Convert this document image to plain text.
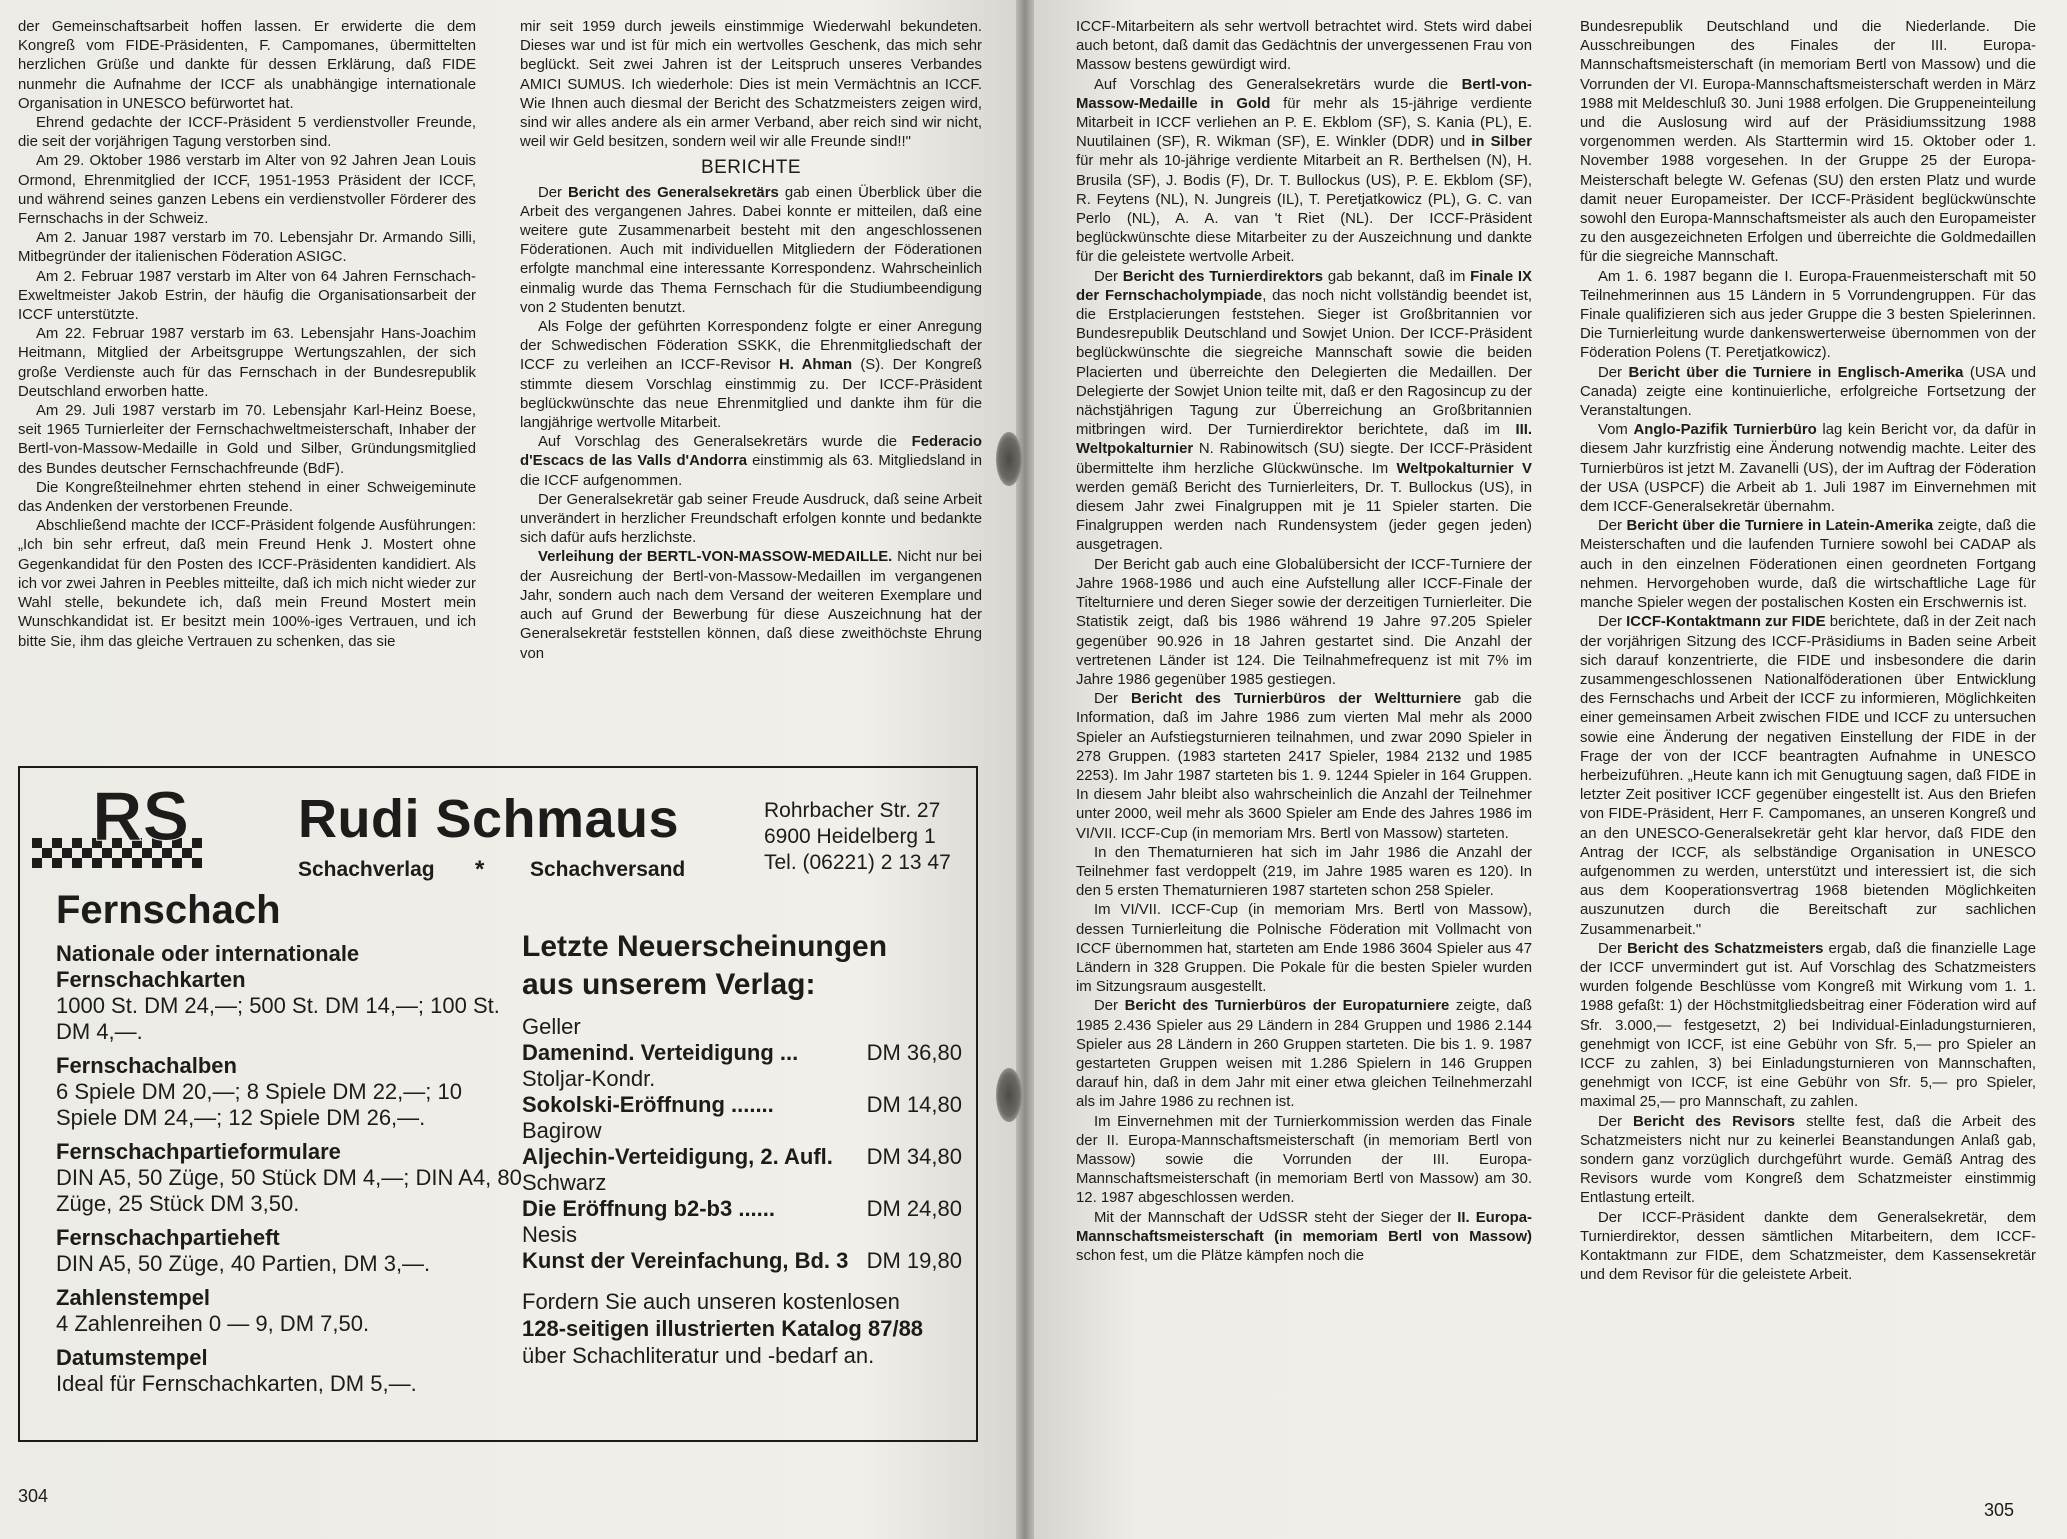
der Gemeinschaftsarbeit hoffen lassen. Er erwiderte die dem Kongreß vom FIDE-Präsidenten, F. Campomanes, übermittelten herzlichen Grüße und dankte für dessen Erklärung, daß FIDE nunmehr die Aufnahme der ICCF als unabhängige internationale Organisation in UNESCO befürwortet hat.

Ehrend gedachte der ICCF-Präsident 5 verdienstvoller Freunde, die seit der vorjährigen Tagung verstorben sind.

Am 29. Oktober 1986 verstarb im Alter von 92 Jahren Jean Louis Ormond, Ehrenmitglied der ICCF, 1951-1953 Präsident der ICCF, und während seines ganzen Lebens ein verdienstvoller Förderer des Fernschachs in der Schweiz.

Am 2. Januar 1987 verstarb im 70. Lebensjahr Dr. Armando Silli, Mitbegründer der italienischen Föderation ASIGC.

Am 2. Februar 1987 verstarb im Alter von 64 Jahren Fernschach-Exweltmeister Jakob Estrin, der häufig die Organisationsarbeit der ICCF unterstützte.

Am 22. Februar 1987 verstarb im 63. Lebensjahr Hans-Joachim Heitmann, Mitglied der Arbeitsgruppe Wertungszahlen, der sich große Verdienste auch für das Fernschach in der Bundesrepublik Deutschland erworben hatte.

Am 29. Juli 1987 verstarb im 70. Lebensjahr Karl-Heinz Boese, seit 1965 Turnierleiter der Fernschachweltmeisterschaft, Inhaber der Bertl-von-Massow-Medaille in Gold und Silber, Gründungsmitglied des Bundes deutscher Fernschachfreunde (BdF).

Die Kongreßteilnehmer ehrten stehend in einer Schweigeminute das Andenken der verstorbenen Freunde.

Abschließend machte der ICCF-Präsident folgende Ausführungen: „Ich bin sehr erfreut, daß mein Freund Henk J. Mostert ohne Gegenkandidat für den Posten des ICCF-Präsidenten kandidiert. Als ich vor zwei Jahren in Peebles mitteilte, daß ich mich nicht wieder zur Wahl stelle, bekundete ich, daß mein Freund Mostert mein Wunschkandidat ist. Er besitzt mein 100%-iges Vertrauen, und ich bitte Sie, ihm das gleiche Vertrauen zu schenken, das sie

mir seit 1959 durch jeweils einstimmige Wiederwahl bekundeten. Dieses war und ist für mich ein wertvolles Geschenk, das mich sehr beglückt. Seit zwei Jahren ist der Leitspruch unseres Verbandes AMICI SUMUS. Ich wiederhole: Dies ist mein Vermächtnis an ICCF. Wie Ihnen auch diesmal der Bericht des Schatzmeisters zeigen wird, sind wir alles andere als ein armer Verband, aber reich sind wir nicht, weil wir Geld besitzen, sondern weil wir alle Freunde sind!!"

BERICHTE

Der Bericht des Generalsekretärs gab einen Überblick über die Arbeit des vergangenen Jahres. Dabei konnte er mitteilen, daß eine weitere gute Zusammenarbeit besteht mit den angeschlossenen Föderationen. Auch mit individuellen Mitgliedern der Föderationen erfolgte manchmal eine interessante Korrespondenz. Wahrscheinlich einmalig wurde das Thema Fernschach für die Studiumbeendigung von 2 Studenten benutzt.

Als Folge der geführten Korrespondenz folgte er einer Anregung der Schwedischen Föderation SSKK, die Ehrenmitgliedschaft der ICCF zu verleihen an ICCF-Revisor H. Ahman (S). Der Kongreß stimmte diesem Vorschlag einstimmig zu. Der ICCF-Präsident beglückwünschte das neue Ehrenmitglied und dankte ihm für die langjährige wertvolle Mitarbeit.

Auf Vorschlag des Generalsekretärs wurde die Federacio d'Escacs de las Valls d'Andorra einstimmig als 63. Mitgliedsland in die ICCF aufgenommen.

Der Generalsekretär gab seiner Freude Ausdruck, daß seine Arbeit unverändert in herzlicher Freundschaft erfolgen konnte und bedankte sich dafür aufs herzlichste.

Verleihung der BERTL-VON-MASSOW-MEDAILLE. Nicht nur bei der Ausreichung der Bertl-von-Massow-Medaillen im vergangenen Jahr, sondern auch nach dem Versand der weiteren Exemplare und auch auf Grund der Bewerbung für diese Auszeichnung hat der Generalsekretär feststellen können, daß diese zweithöchste Ehrung von

RS Rudi Schmaus
Schachverlag * Schachversand
Rohrbacher Str. 27
6900 Heidelberg 1
Tel. (06221) 2 13 47
Fernschach
Nationale oder internationale Fernschachkarten
1000 St. DM 24,—; 500 St. DM 14,—; 100 St. DM 4,—.
Fernschachalben
6 Spiele DM 20,—; 8 Spiele DM 22,—; 10 Spiele DM 24,—; 12 Spiele DM 26,—.
Fernschachpartieformulare
DIN A5, 50 Züge, 50 Stück DM 4,—; DIN A4, 80 Züge, 25 Stück DM 3,50.
Fernschachpartieheft
DIN A5, 50 Züge, 40 Partien, DM 3,—.
Zahlenstempel
4 Zahlenreihen 0 — 9, DM 7,50.
Datumstempel
Ideal für Fernschachkarten, DM 5,—.
Letzte Neuerscheinungen
aus unserem Verlag:
Geller
Damenind. Verteidigung ...	DM 36,80
Stoljar-Kondr.
Sokolski-Eröffnung .......	DM 14,80
Bagirow
Aljechin-Verteidigung, 2. Aufl. DM 34,80
Schwarz
Die Eröffnung b2-b3 ......	DM 24,80
Nesis
Kunst der Vereinfachung, Bd. 3 DM 19,80
Fordern Sie auch unseren kostenlosen
128-seitigen illustrierten Katalog 87/88
über Schachliteratur und -bedarf an.
304

ICCF-Mitarbeitern als sehr wertvoll betrachtet wird. Stets wird dabei auch betont, daß damit das Gedächtnis der unvergessenen Frau von Massow bestens gewürdigt wird.

Auf Vorschlag des Generalsekretärs wurde die Bertl-von-Massow-Medaille in Gold für mehr als 15-jährige verdiente Mitarbeit in ICCF verliehen an P. E. Ekblom (SF), S. Kania (PL), E. Nuutilainen (SF), R. Wikman (SF), E. Winkler (DDR) und in Silber für mehr als 10-jährige verdiente Mitarbeit an R. Berthelsen (N), H. Brusila (SF), J. Bodis (F), Dr. T. Bullockus (US), P. E. Ekblom (SF), R. Feytens (NL), N. Jungreis (IL), T. Peretjatkowicz (PL), G. C. van Perlo (NL), A. A. van 't Riet (NL). Der ICCF-Präsident beglückwünschte diese Mitarbeiter zu der Auszeichnung und dankte für die geleistete wertvolle Arbeit.

Der Bericht des Turnierdirektors gab bekannt, daß im Finale IX der Fernschacholympiade, das noch nicht vollständig beendet ist, die Erstplacierungen feststehen. Sieger ist Großbritannien vor Bundesrepublik Deutschland und Sowjet Union. Der ICCF-Präsident beglückwünschte die siegreiche Mannschaft sowie die beiden Placierten und überreichte den Delegierten die Medaillen. Der Delegierte der Sowjet Union teilte mit, daß er den Ragosincup zu der nächstjährigen Tagung zur Überreichung an Großbritannien mitbringen wird. Der Turnierdirektor berichtete, daß im III. Weltpokalturnier N. Rabinowitsch (SU) siegte. Der ICCF-Präsident übermittelte ihm herzliche Glückwünsche. Im Weltpokalturnier V werden gemäß Bericht des Turnierleiters, Dr. T. Bullockus (US), in diesem Jahr zwei Finalgruppen mit je 11 Spieler starten. Die Finalgruppen werden nach Rundensystem (jeder gegen jeden) ausgetragen.

Der Bericht gab auch eine Globalübersicht der ICCF-Turniere der Jahre 1968-1986 und auch eine Aufstellung aller ICCF-Finale der Titelturniere und deren Sieger sowie der derzeitigen Turnierleiter. Die Statistik zeigt, daß bis 1986 während 19 Jahre 97.205 Spieler gegenüber 90.926 in 18 Jahren gestartet sind. Die Anzahl der vertretenen Länder ist 124. Die Teilnahmefrequenz ist mit 7% im Jahre 1986 gegenüber 1985 gestiegen.

Der Bericht des Turnierbüros der Weltturniere gab die Information, daß im Jahre 1986 zum vierten Mal mehr als 2000 Spieler an Aufstiegsturnieren teilnahmen, und zwar 2090 Spieler in 278 Gruppen. (1983 starteten 2417 Spieler, 1984 2132 und 1985 2253). Im Jahr 1987 starteten bis 1. 9. 1244 Spieler in 164 Gruppen. In diesem Jahr bleibt also wahrscheinlich die Anzahl der Teilnehmer unter 2000, weil mehr als 3600 Spieler am Ende des Jahres 1986 im VI/VII. ICCF-Cup (in memoriam Mrs. Bertl von Massow) starteten.

In den Thematurnieren hat sich im Jahr 1986 die Anzahl der Teilnehmer fast verdoppelt (219, im Jahre 1985 waren es 120). In den 5 ersten Thematurnieren 1987 starteten schon 258 Spieler.

Im VI/VII. ICCF-Cup (in memoriam Mrs. Bertl von Massow), dessen Turnierleitung die Polnische Föderation mit Vollmacht von ICCF übernommen hat, starteten am Ende 1986 3604 Spieler aus 47 Ländern in 328 Gruppen. Die Pokale für die besten Spieler wurden im Sitzungsraum ausgestellt.

Der Bericht des Turnierbüros der Europaturniere zeigte, daß 1985 2.436 Spieler aus 29 Ländern in 284 Gruppen und 1986 2.144 Spieler aus 28 Ländern in 260 Gruppen starteten. Die bis 1. 9. 1987 gestarteten Gruppen weisen mit 1.286 Spielern in 146 Gruppen darauf hin, daß in dem Jahr mit einer etwa gleichen Teilnehmerzahl als im Jahre 1986 zu rechnen ist.

Im Einvernehmen mit der Turnierkommission werden das Finale der II. Europa-Mannschaftsmeisterschaft (in memoriam Bertl von Massow) sowie die Vorrunden der III. Europa-Mannschaftsmeisterschaft (in memoriam Bertl von Massow) am 30. 12. 1987 abgeschlossen werden.

Mit der Mannschaft der UdSSR steht der Sieger der II. Europa-Mannschaftsmeisterschaft (in memoriam Bertl von Massow) schon fest, um die Plätze kämpfen noch die

Bundesrepublik Deutschland und die Niederlande. Die Ausschreibungen des Finales der III. Europa-Mannschaftsmeisterschaft (in memoriam Bertl von Massow) und die Vorrunden der VI. Europa-Mannschaftsmeisterschaft werden in März 1988 mit Meldeschluß 30. Juni 1988 erfolgen. Die Gruppeneinteilung und die Auslosung wird auf der Präsidiumssitzung 1988 vorgenommen werden. Als Starttermin wird 15. Oktober oder 1. November 1988 vorgesehen. In der Gruppe 25 der Europa-Meisterschaft belegte W. Gefenas (SU) den ersten Platz und wurde damit neuer Europameister. Der ICCF-Präsident beglückwünschte sowohl den Europa-Mannschaftsmeister als auch den Europameister zu den ausgezeichneten Erfolgen und überreichte die Goldmedaillen für die siegreiche Mannschaft.

Am 1. 6. 1987 begann die I. Europa-Frauenmeisterschaft mit 50 Teilnehmerinnen aus 15 Ländern in 5 Vorrundengruppen. Für das Finale qualifizieren sich aus jeder Gruppe die 3 besten Spielerinnen. Die Turnierleitung wurde dankenswerterweise übernommen von der Föderation Polens (T. Peretjatkowicz).

Der Bericht über die Turniere in Englisch-Amerika (USA und Canada) zeigte eine kontinuierliche, erfolgreiche Fortsetzung der Veranstaltungen.

Vom Anglo-Pazifik Turnierbüro lag kein Bericht vor, da dafür in diesem Jahr kurzfristig eine Änderung notwendig machte. Leiter des Turnierbüros ist jetzt M. Zavanelli (US), der im Auftrag der Föderation der USA (USPCF) die Arbeit ab 1. Juli 1987 im Einvernehmen mit dem ICCF-Generalsekretär übernahm.

Der Bericht über die Turniere in Latein-Amerika zeigte, daß die Meisterschaften und die laufenden Turniere sowohl bei CADAP als auch in den einzelnen Föderationen einen geordneten Fortgang nehmen. Hervorgehoben wurde, daß die wirtschaftliche Lage für manche Spieler wegen der postalischen Kosten ein Erschwernis ist.

Der ICCF-Kontaktmann zur FIDE berichtete, daß in der Zeit nach der vorjährigen Sitzung des ICCF-Präsidiums in Baden seine Arbeit sich darauf konzentrierte, die FIDE und insbesondere die darin zusammengeschlossenen Nationalföderationen über Entwicklung des Fernschachs und Arbeit der ICCF zu informieren, Möglichkeiten einer gemeinsamen Arbeit zwischen FIDE und ICCF zu untersuchen sowie eine Änderung der negativen Einstellung der FIDE in der Frage der von der ICCF beantragten Aufnahme in UNESCO herbeizuführen. „Heute kann ich mit Genugtuung sagen, daß FIDE in letzter Zeit positiver ICCF gegenüber eingestellt ist. Aus den Briefen von FIDE-Präsident, Herr F. Campomanes, an unseren Kongreß und an den UNESCO-Generalsekretär geht klar hervor, daß FIDE den Antrag der ICCF, als selbständige Organisation in UNESCO aufgenommen zu werden, unterstützt und interessiert ist, die sich aus dem Kooperationsvertrag 1968 bietenden Möglichkeiten auszunutzen durch die Bereitschaft zur sachlichen Zusammenarbeit."

Der Bericht des Schatzmeisters ergab, daß die finanzielle Lage der ICCF unvermindert gut ist. Auf Vorschlag des Schatzmeisters wurden folgende Beschlüsse vom Kongreß mit Wirkung vom 1. 1. 1988 gefaßt: 1) der Höchstmitgliedsbeitrag einer Föderation wird auf Sfr. 3.000,— festgesetzt, 2) bei Individual-Einladungsturnieren, genehmigt von ICCF, ist eine Gebühr von Sfr. 5,— pro Spieler an ICCF zu zahlen, 3) bei Einladungsturnieren von Mannschaften, genehmigt von ICCF, ist eine Gebühr von Sfr. 5,— pro Spieler, maximal 25,— pro Mannschaft, zu zahlen.

Der Bericht des Revisors stellte fest, daß die Arbeit des Schatzmeisters nicht nur zu keinerlei Beanstandungen Anlaß gab, sondern ganz vorzüglich durchgeführt wurde. Gemäß Antrag des Revisors wurde vom Kongreß dem Schatzmeister einstimmig Entlastung erteilt.

Der ICCF-Präsident dankte dem Generalsekretär, dem Turnierdirektor, dessen sämtlichen Mitarbeitern, dem ICCF-Kontaktmann zur FIDE, dem Schatzmeister, dem Kassensekretär und dem Revisor für die geleistete Arbeit.

305
